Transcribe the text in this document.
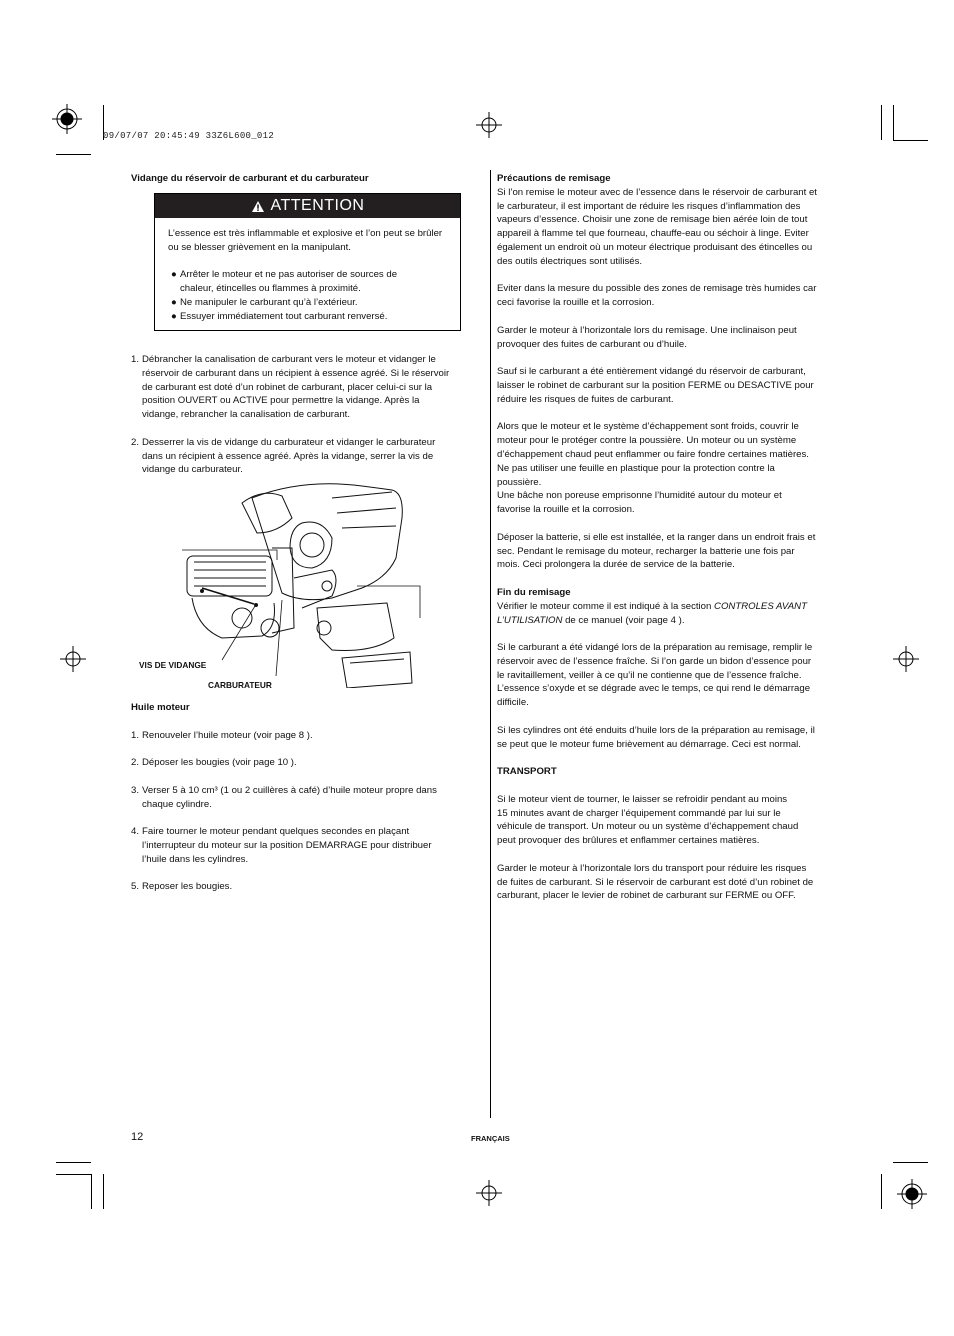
09/07/07 20:45:49 33Z6L600_012
Vidange du réservoir de carburant et du carburateur
ATTENTION

L’essence est très inflammable et explosive et l’on peut se brûler ou se blesser grièvement en la manipulant.

● Arrêter le moteur et ne pas autoriser de sources de
chaleur, étincelles ou flammes à proximité.
● Ne manipuler le carburant qu’à l’extérieur.
● Essuyer immédiatement tout carburant renversé.
1. Débrancher la canalisation de carburant vers le moteur et vidanger le
réservoir de carburant dans un récipient à essence agréé. Si le réservoir
de carburant est doté d’un robinet de carburant, placer celui-ci sur la
position OUVERT ou ACTIVE pour permettre la vidange. Après la
vidange, rebrancher la canalisation de carburant.

2. Desserrer la vis de vidange du carburateur et vidanger le carburateur
dans un récipient à essence agréé. Après la vidange, serrer la vis de
vidange du carburateur.

VIS DE VIDANGE
CARBURATEUR

Huile moteur

1. Renouveler l’huile moteur (voir page 8 ).

2. Déposer les bougies (voir page 10 ).

3. Verser 5 à 10 cm³ (1 ou 2 cuillères à café) d’huile moteur propre dans
chaque cylindre.

4. Faire tourner le moteur pendant quelques secondes en plaçant
l’interrupteur du moteur sur la position DEMARRAGE pour distribuer
l’huile dans les cylindres.

5. Reposer les bougies.

Précautions de remisage

Si l’on remise le moteur avec de l’essence dans le réservoir de carburant et
le carburateur, il est important de réduire les risques d’inflammation des
vapeurs d’essence. Choisir une zone de remisage bien aérée loin de tout
appareil à flamme tel que fourneau, chauffe-eau ou séchoir à linge. Eviter
également un endroit où un moteur électrique produisant des étincelles ou
des outils électriques sont utilisés.

Eviter dans la mesure du possible des zones de remisage très humides car
ceci favorise la rouille et la corrosion.

Garder le moteur à l’horizontale lors du remisage. Une inclinaison peut
provoquer des fuites de carburant ou d’huile.

Sauf si le carburant a été entièrement vidangé du réservoir de carburant,
laisser le robinet de carburant sur la position FERME ou DESACTIVE pour
réduire les risques de fuites de carburant.

Alors que le moteur et le système d’échappement sont froids, couvrir le
moteur pour le protéger contre la poussière. Un moteur ou un système
d’échappement chaud peut enflammer ou faire fondre certaines matières.
Ne pas utiliser une feuille en plastique pour la protection contre la
poussière.
Une bâche non poreuse emprisonne l’humidité autour du moteur et
favorise la rouille et la corrosion.

Déposer la batterie, si elle est installée, et la ranger dans un endroit frais et
sec. Pendant le remisage du moteur, recharger la batterie une fois par
mois. Ceci prolongera la durée de service de la batterie.

Fin du remisage

Vérifier le moteur comme il est indiqué à la section CONTROLES AVANT
L’UTILISATION de ce manuel (voir page 4 ).

Si le carburant a été vidangé lors de la préparation au remisage, remplir le
réservoir avec de l’essence fraîche. Si l’on garde un bidon d’essence pour
le ravitaillement, veiller à ce qu’il ne contienne que de l’essence fraîche.
L’essence s’oxyde et se dégrade avec le temps, ce qui rend le démarrage
difficile.

Si les cylindres ont été enduits d’huile lors de la préparation au remisage, il
se peut que le moteur fume brièvement au démarrage. Ceci est normal.

TRANSPORT

Si le moteur vient de tourner, le laisser se refroidir pendant au moins
15 minutes avant de charger l’équipement commandé par lui sur le
véhicule de transport. Un moteur ou un système d’échappement chaud
peut provoquer des brûlures et enflammer certaines matières.

Garder le moteur à l’horizontale lors du transport pour réduire les risques
de fuites de carburant. Si le réservoir de carburant est doté d’un robinet de
carburant, placer le levier de robinet de carburant sur FERME ou OFF.

12	FRANÇAIS
